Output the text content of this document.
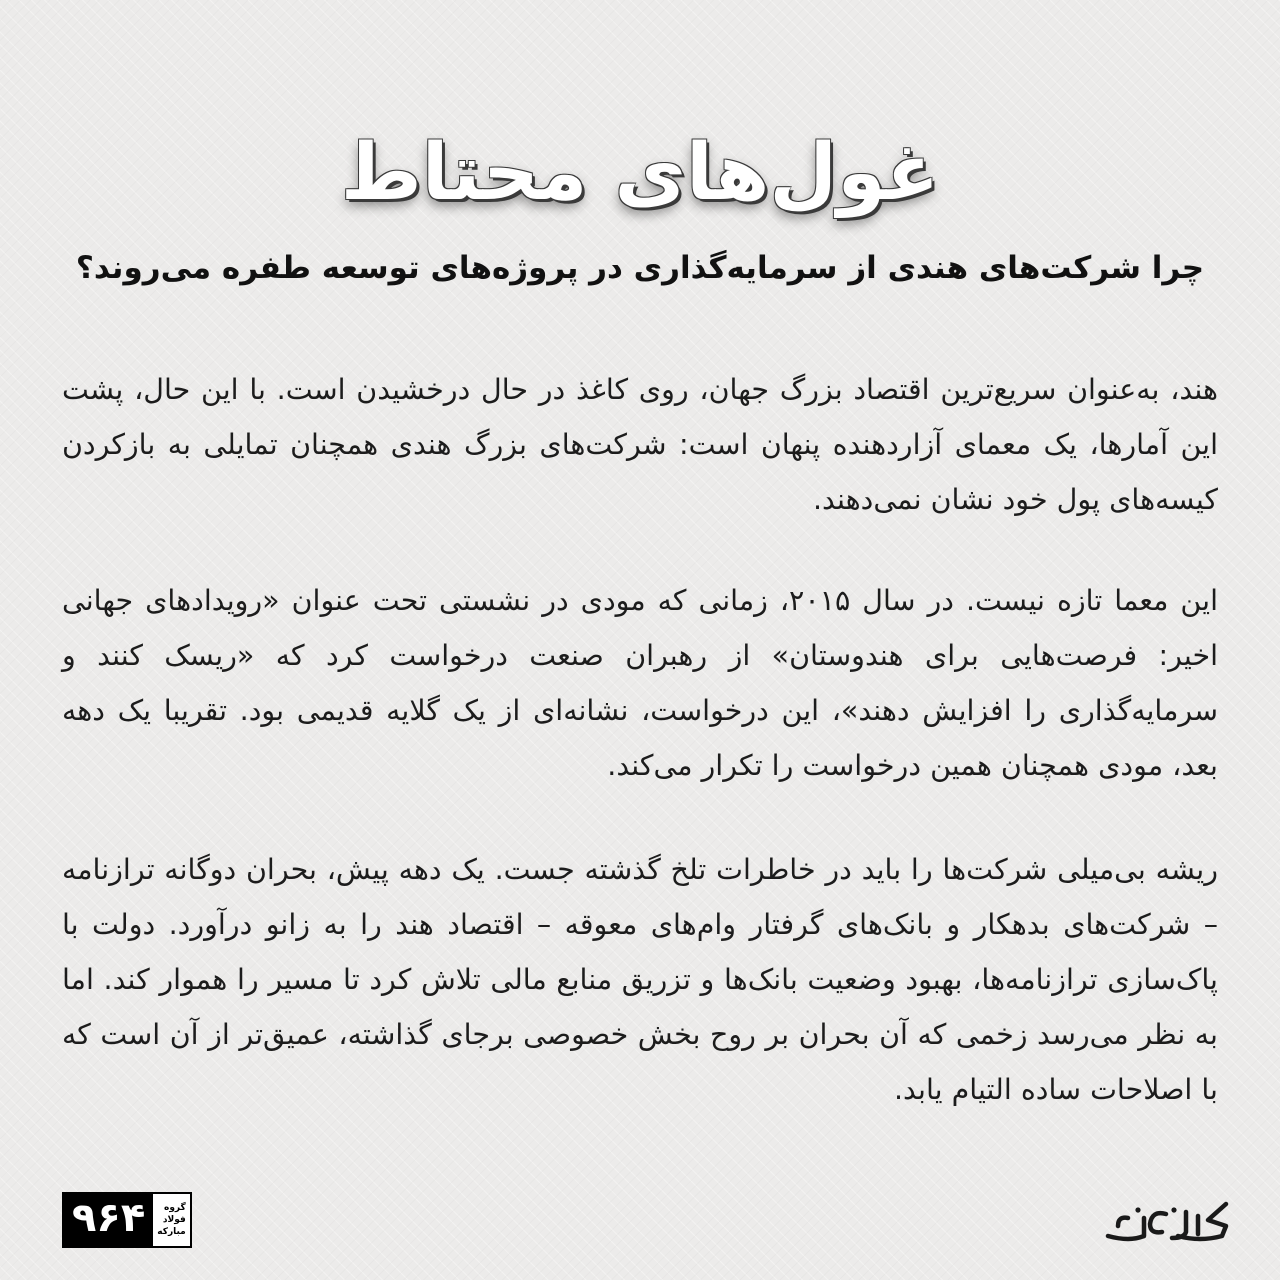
غول‌های محتاط
چرا شرکت‌های هندی از سرمایه‌گذاری در پروژه‌های توسعه طفره می‌روند؟

هند، به‌عنوان سریع‌ترین اقتصاد بزرگ جهان، روی کاغذ در حال درخشیدن است. با این حال، پشت این آمارها، یک معمای آزاردهنده پنهان است: شرکت‌های بزرگ هندی همچنان تمایلی به بازکردن کیسه‌های پول خود نشان نمی‌دهند.

این معما تازه نیست. در سال ۲۰۱۵، زمانی که مودی در نشستی تحت عنوان «رویدادهای جهانی اخیر: فرصت‌هایی برای هندوستان» از رهبران صنعت درخواست کرد که «ریسک کنند و سرمایه‌گذاری را افزایش دهند»، این درخواست، نشانه‌ای از یک گلایه قدیمی بود. تقریبا یک دهه بعد، مودی همچنان همین درخواست را تکرار می‌کند.

ریشه بی‌میلی شرکت‌ها را باید در خاطرات تلخ گذشته جست. یک دهه پیش، بحران دوگانه ترازنامه – شرکت‌های بدهکار و بانک‌های گرفتار وام‌های معوقه – اقتصاد هند را به زانو درآورد. دولت با پاک‌سازی ترازنامه‌ها، بهبود وضعیت بانک‌ها و تزریق منابع مالی تلاش کرد تا مسیر را هموار کند. اما به نظر می‌رسد زخمی که آن بحران بر روح بخش خصوصی برجای گذاشته، عمیق‌تر از آن است که با اصلاحات ساده التیام یابد.

۹۶۴	گروه
فولاد
مبارکه
